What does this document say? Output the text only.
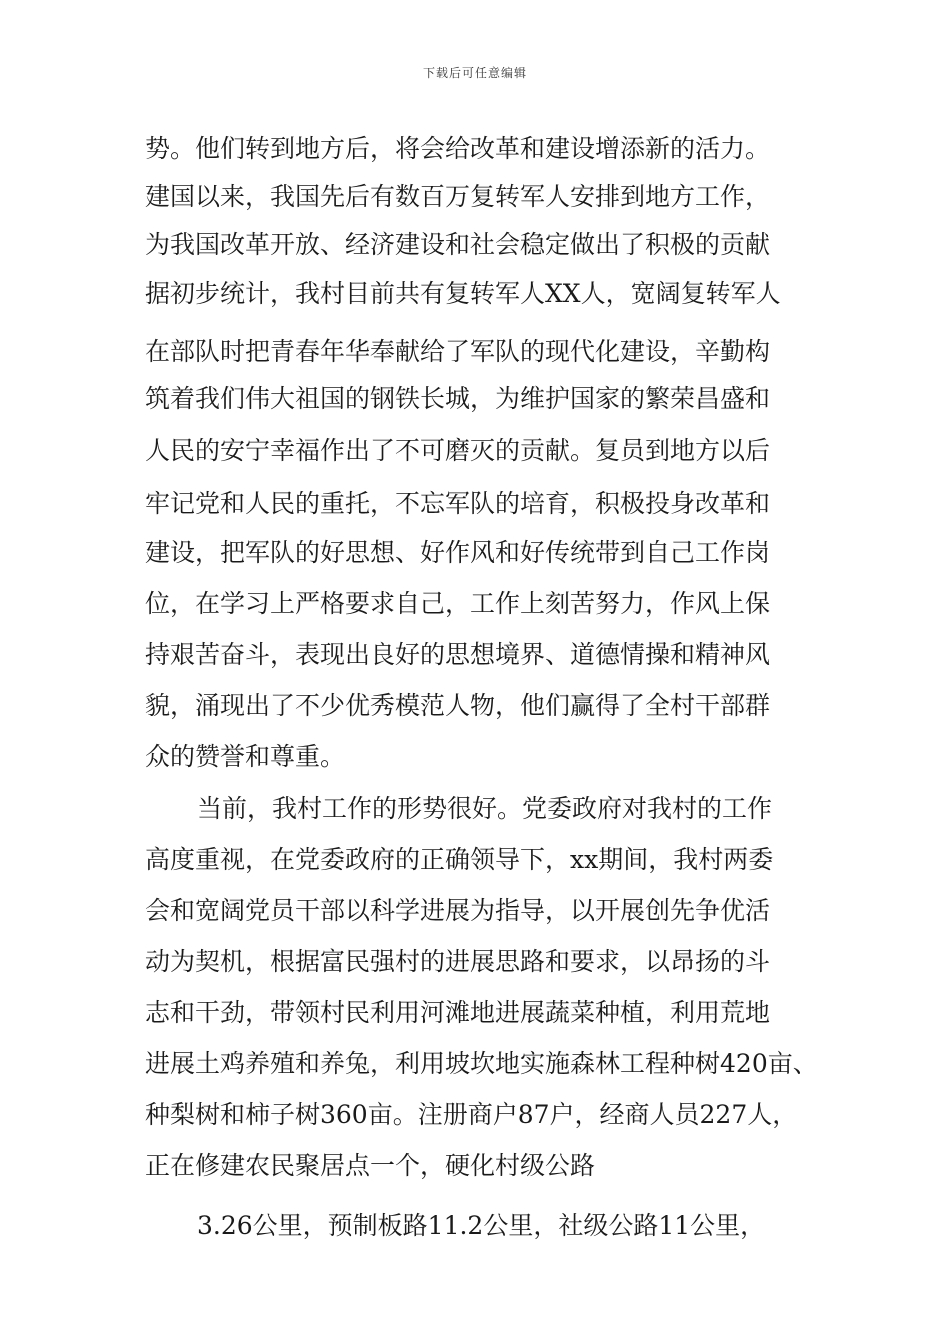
下载后可任意编辑
势。他们转到地方后，将会给改革和建设增添新的活力。
建国以来，我国先后有数百万复转军人安排到地方工作，
为我国改革开放、经济建设和社会稳定做出了积极的贡献
据初步统计，我村目前共有复转军人XX人，宽阔复转军人
在部队时把青春年华奉献给了军队的现代化建设，辛勤构
筑着我们伟大祖国的钢铁长城，为维护国家的繁荣昌盛和
人民的安宁幸福作出了不可磨灭的贡献。复员到地方以后
牢记党和人民的重托，不忘军队的培育，积极投身改革和
建设，把军队的好思想、好作风和好传统带到自己工作岗
位，在学习上严格要求自己，工作上刻苦努力，作风上保
持艰苦奋斗，表现出良好的思想境界、道德情操和精神风
貌，涌现出了不少优秀模范人物，他们赢得了全村干部群
众的赞誉和尊重。
当前，我村工作的形势很好。党委政府对我村的工作
高度重视，在党委政府的正确领导下，xx期间，我村两委
会和宽阔党员干部以科学进展为指导，以开展创先争优活
动为契机，根据富民强村的进展思路和要求，以昂扬的斗
志和干劲，带领村民利用河滩地进展蔬菜种植，利用荒地
进展土鸡养殖和养兔，利用坡坎地实施森林工程种树420亩、
种梨树和柿子树360亩。注册商户87户，经商人员227人，
正在修建农民聚居点一个，硬化村级公路
3.26公里，预制板路11.2公里，社级公路11公里，
